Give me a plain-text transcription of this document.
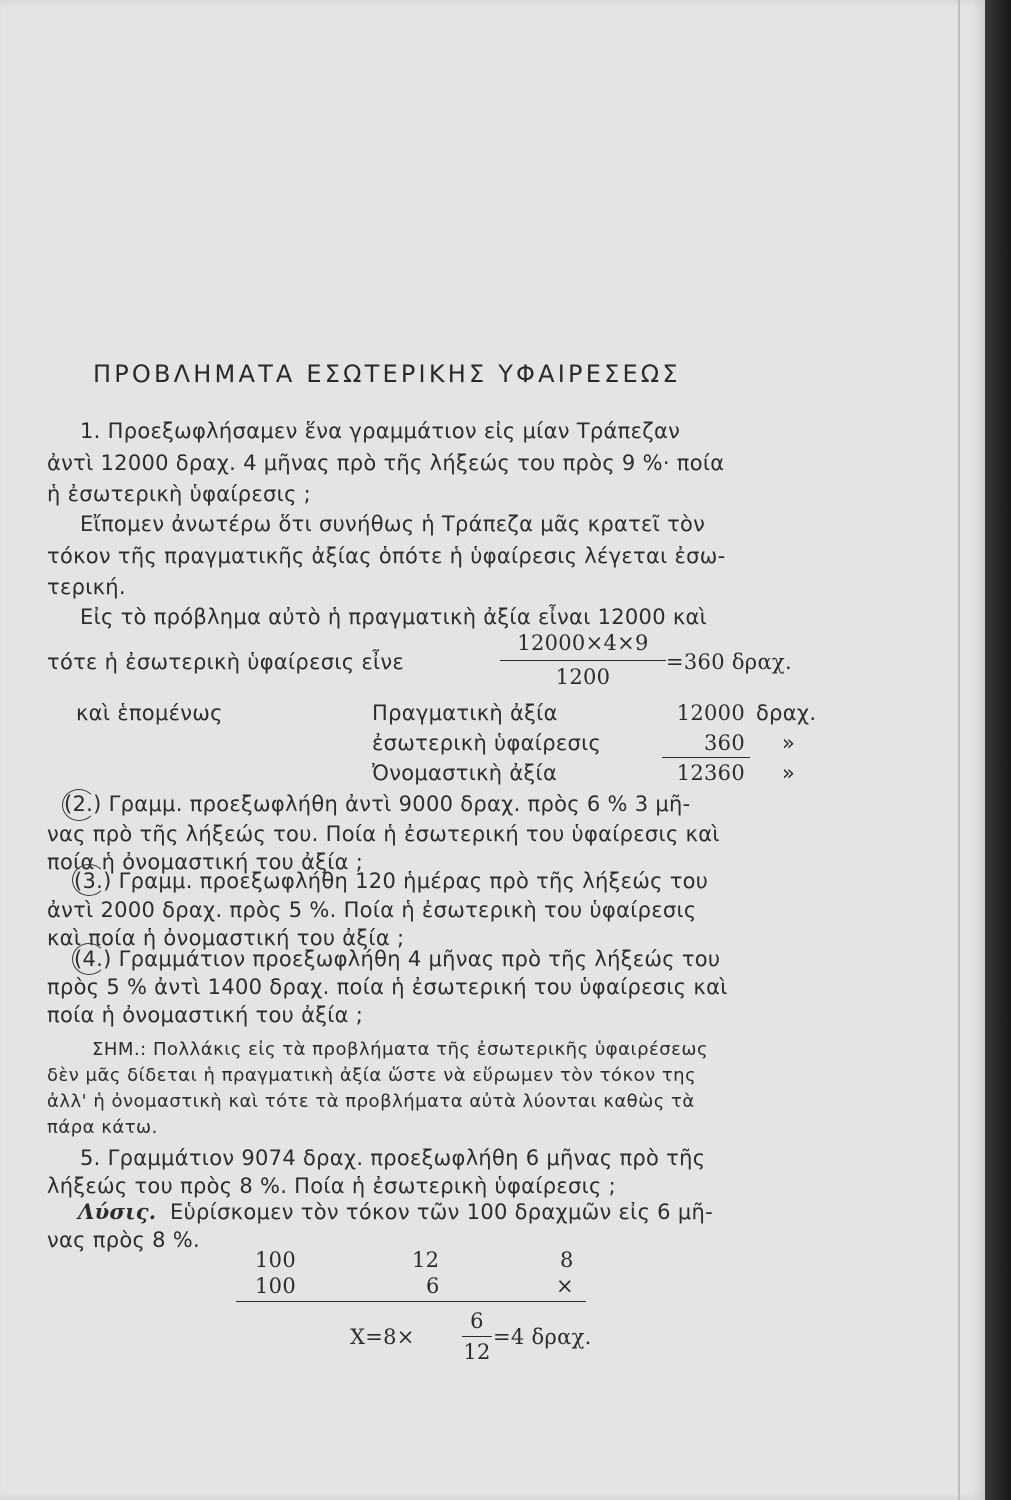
ΠΡΟΒΛΗΜΑΤΑ ΕΣΩΤΕΡΙΚΗΣ ΥΦΑΙΡΕΣΕΩΣ
1. Προεξωφλήσαμεν ἕνα γραμμάτιον εἰς μίαν Τράπεζαν
ἀντὶ 12000 δραχ. 4 μῆνας πρὸ τῆς λήξεώς του πρὸς 9 %· ποία
ἡ ἐσωτερικὴ ὑφαίρεσις ;
Εἴπομεν ἀνωτέρω ὅτι συνήθως ἡ Τράπεζα μᾶς κρατεῖ τὸν
τόκον τῆς πραγματικῆς ἀξίας ὁπότε ἡ ὑφαίρεσις λέγεται ἐσω-
τερική.
Εἰς τὸ πρόβλημα αὐτὸ ἡ πραγματικὴ ἀξία εἶναι 12000 καὶ
τότε ἡ ἐσωτερικὴ ὑφαίρεσις εἶνε
12000×4×9
1200
=360 δραχ.
καὶ ἑπομένως	Πραγματικὴ ἀξία	12000 δραχ.
ἐσωτερικὴ ὑφαίρεσις	360 »
Ὀνομαστικὴ ἀξία	12360 »
(2.) Γραμμ. προεξωφλήθη ἀντὶ 9000 δραχ. πρὸς 6 % 3 μῆ-
νας πρὸ τῆς λήξεώς του. Ποία ἡ ἐσωτερική του ὑφαίρεσις καὶ
ποία ἡ ὀνομαστική του ἀξία ;
(3.) Γραμμ. προεξωφλήθη 120 ἡμέρας πρὸ τῆς λήξεώς του
ἀντὶ 2000 δραχ. πρὸς 5 %. Ποία ἡ ἐσωτερικὴ του ὑφαίρεσις
καὶ ποία ἡ ὀνομαστική του ἀξία ;
(4.) Γραμμάτιον προεξωφλήθη 4 μῆνας πρὸ τῆς λήξεώς του
πρὸς 5 % ἀντὶ 1400 δραχ. ποία ἡ ἐσωτερική του ὑφαίρεσις καὶ
ποία ἡ ὀνομαστική του ἀξία ;
ΣΗΜ.: Πολλάκις εἰς τὰ προβλήματα τῆς ἐσωτερικῆς ὑφαιρέσεως
δὲν μᾶς δίδεται ἡ πραγματικὴ ἀξία ὥστε νὰ εὕρωμεν τὸν τόκον της
ἀλλ' ἡ ὀνομαστικὴ καὶ τότε τὰ προβλήματα αὐτὰ λύονται καθὼς τὰ
πάρα κάτω.
5. Γραμμάτιον 9074 δραχ. προεξωφλήθη 6 μῆνας πρὸ τῆς
λήξεώς του πρὸς 8 %. Ποία ἡ ἐσωτερικὴ ὑφαίρεσις ;
Λύσις. Εὑρίσκομεν τὸν τόκον τῶν 100 δραχμῶν εἰς 6 μῆ-
νας πρὸς 8 %.
100	12	8
100	6	×
X=8×
6
12
=4 δραχ.
